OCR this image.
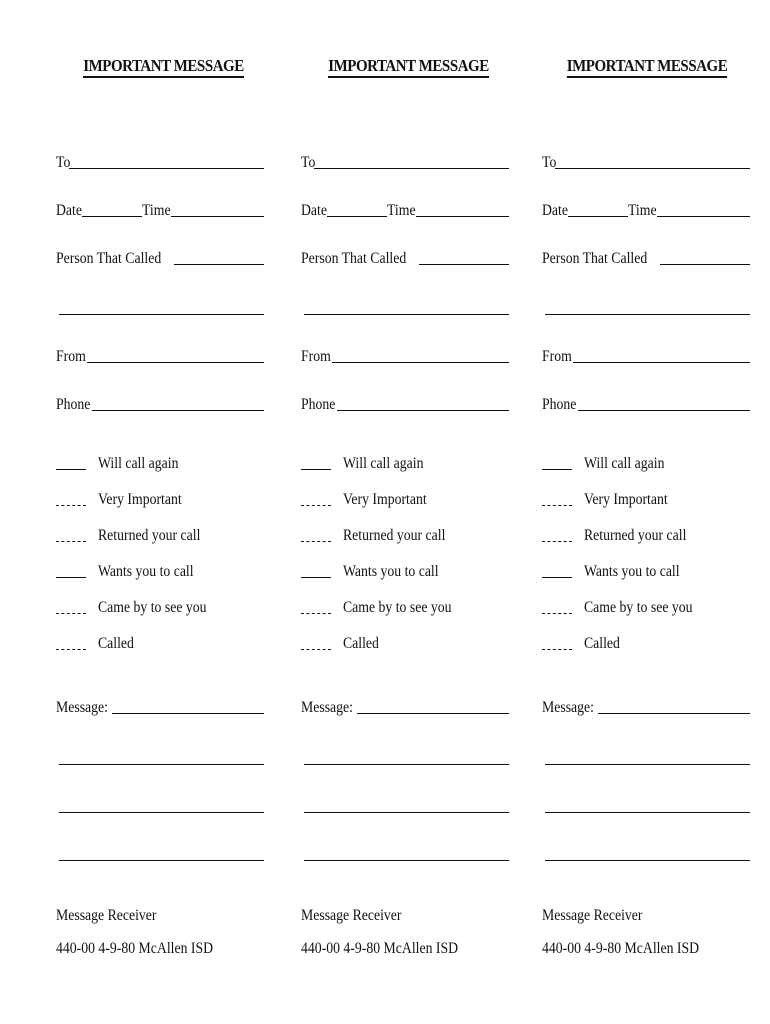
IMPORTANT MESSAGE
To
Date	Time
Person That Called
From
Phone
Will call again
Very Important
Returned your call
Wants you to call
Came by to see you
Called
Message:
Message Receiver
440-00 4-9-80 McAllen ISD
IMPORTANT MESSAGE
To
Date	Time
Person That Called
From
Phone
Will call again
Very Important
Returned your call
Wants you to call
Came by to see you
Called
Message:
Message Receiver
440-00 4-9-80 McAllen ISD
IMPORTANT MESSAGE
To
Date	Time
Person That Called
From
Phone
Will call again
Very Important
Returned your call
Wants you to call
Came by to see you
Called
Message:
Message Receiver
440-00 4-9-80 McAllen ISD
